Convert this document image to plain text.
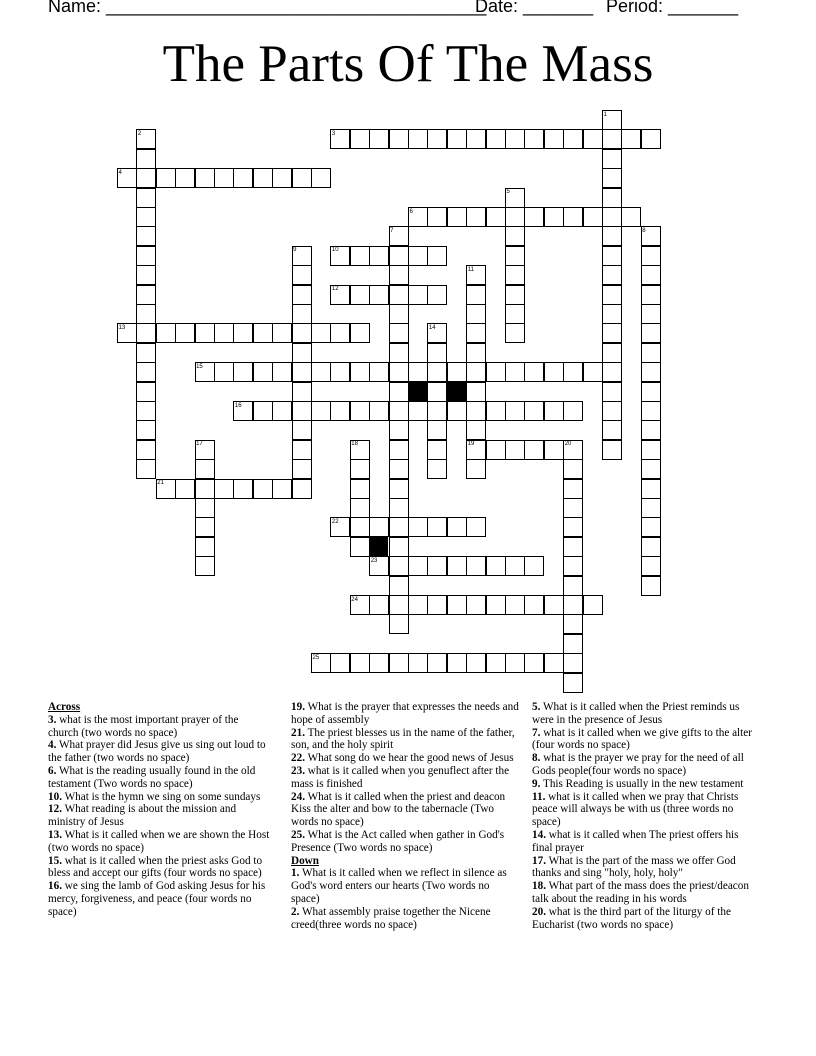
Name: ______________________________________
Date: _______ Period: _______
The Parts Of The Mass
1
2	3
4
5
6
7	8
9	10
11
12
13	14
15
16
17	18	19	20
21
22
23
24
25
Across
3. what is the most important prayer of the church (two words no space)
4. What prayer did Jesus give us sing out loud to the father (two words no space)
6. What is the reading usually found in the old testament (Two words no space)
10. What is the hymn we sing on some sundays
12. What reading is about the mission and ministry of Jesus
13. What is it called when we are shown the Host (two words no space)
15. what is it called when the priest asks God to bless and accept our gifts (four words no space)
16. we sing the lamb of God asking Jesus for his mercy, forgiveness, and peace (four words no space)
19. What is the prayer that expresses the needs and hope of assembly
21. The priest blesses us in the name of the father, son, and the holy spirit
22. What song do we hear the good news of Jesus
23. what is it called when you genuflect after the mass is finished
24. What is it called when the priest and deacon Kiss the alter and bow to the tabernacle (Two words no space)
25. What is the Act called when gather in God's Presence (Two words no space)
Down
1. What is it called when we reflect in silence as God's word enters our hearts (Two words no space)
2. What assembly praise together the Nicene creed(three words no space)
5. What is it called when the Priest reminds us were in the presence of Jesus
7. what is it called when we give gifts to the alter (four words no space)
8. what is the prayer we pray for the need of all Gods people(four words no space)
9. This Reading is usually in the new testament
11. what is it called when we pray that Christs peace will always be with us (three words no space)
14. what is it called when The priest offers his final prayer
17. What is the part of the mass we offer God thanks and sing "holy, holy, holy"
18. What part of the mass does the priest/deacon talk about the reading in his words
20. what is the third part of the liturgy of the Eucharist (two words no space)
